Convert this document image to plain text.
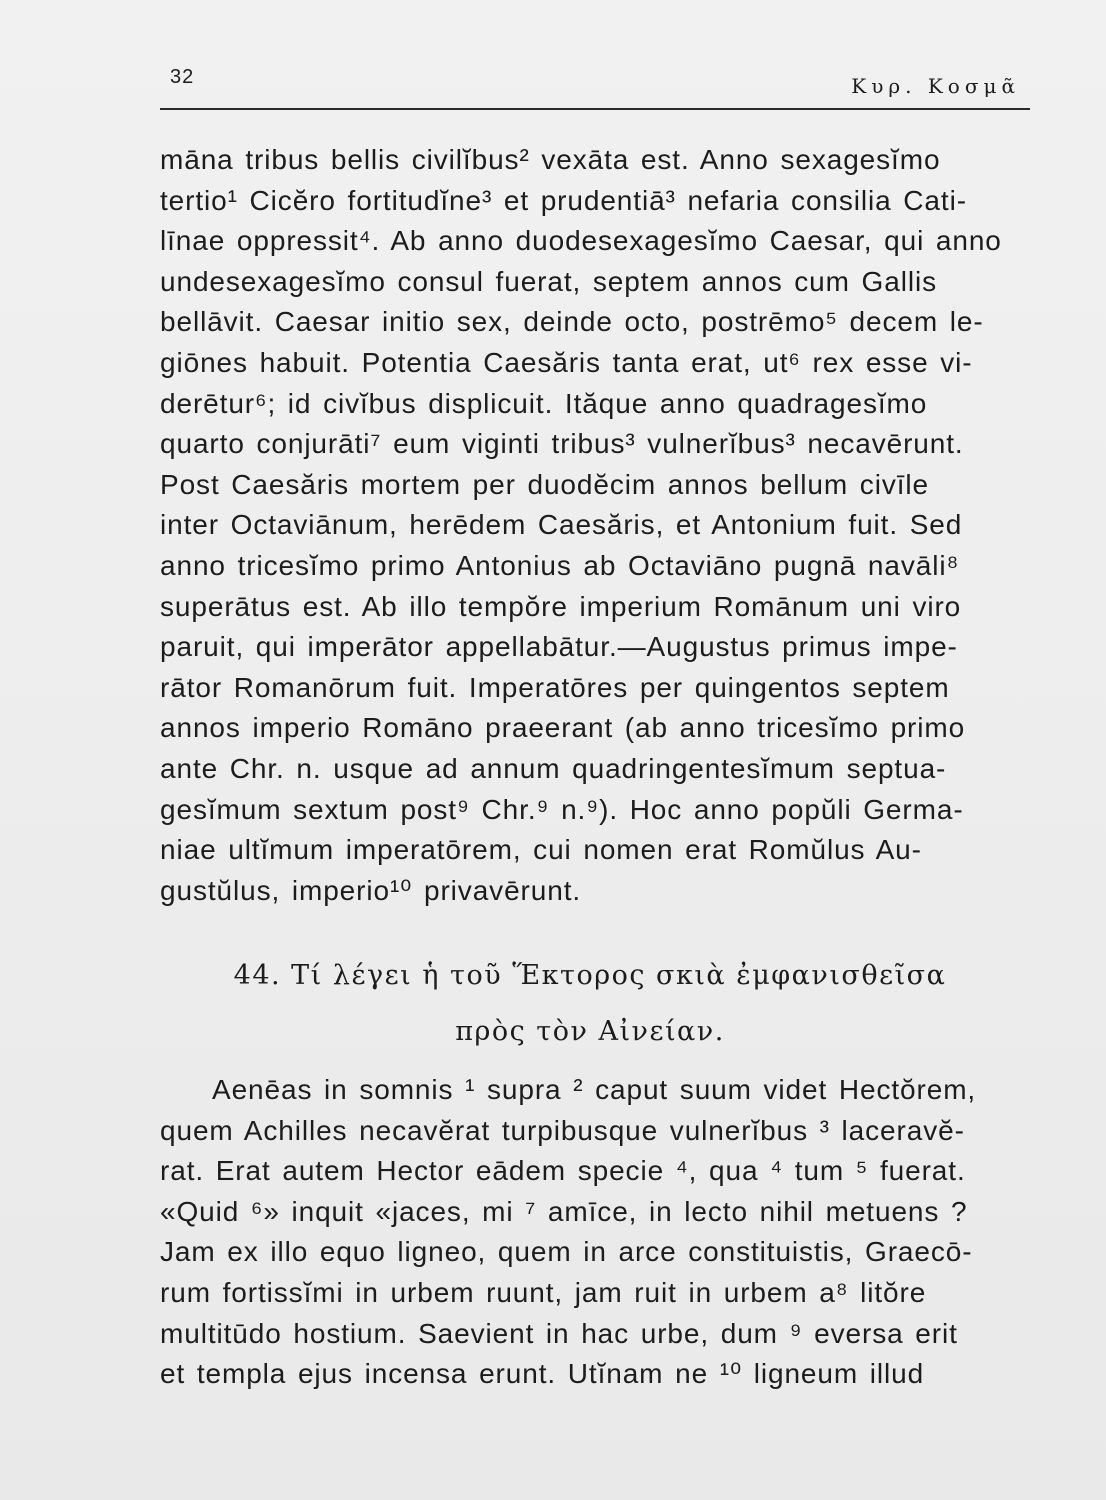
32	Κυρ. Κοσμᾶ
māna tribus bellis civilĭbus² vexāta est. Anno sexagesĭmo
tertio¹ Cicĕro fortitudĭne³ et prudentiā³ nefaria consilia Cati-
līnae oppressit⁴. Ab anno duodesexagesĭmo Caesar, qui anno
undesexagesĭmo consul fuerat, septem annos cum Gallis
bellāvit. Caesar initio sex, deinde octo, postrēmo⁵ decem le-
giōnes habuit. Potentia Caesăris tanta erat, ut⁶ rex esse vi-
derētur⁶; id civĭbus displicuit. Ităque anno quadragesĭmo
quarto conjurāti⁷ eum viginti tribus³ vulnerĭbus³ necavērunt.
Post Caesăris mortem per duodĕcim annos bellum civīle
inter Octaviānum, herēdem Caesăris, et Antonium fuit. Sed
anno tricesĭmo primo Antonius ab Octaviāno pugnā navāli⁸
superātus est. Ab illo tempŏre imperium Romānum uni viro
paruit, qui imperātor appellabātur.—Augustus primus impe-
rātor Romanōrum fuit. Imperatōres per quingentos septem
annos imperio Romāno praeerant (ab anno tricesĭmo primo
ante Chr. n. usque ad annum quadringentesĭmum septua-
gesĭmum sextum post⁹ Chr.⁹ n.⁹). Hoc anno popŭli Germa-
niae ultĭmum imperatōrem, cui nomen erat Romŭlus Au-
gustŭlus, imperio¹⁰ privavērunt.
44. Τί λέγει ἡ τοῦ Ἕκτορος σκιὰ ἐμφανισθεῖσα
πρὸς τὸν Αἰνείαν.
Aenēas in somnis ¹ supra ² caput suum videt Hectŏrem,
quem Achilles necavĕrat turpibusque vulnerĭbus ³ laceravĕ-
rat. Erat autem Hector eādem specie ⁴, qua ⁴ tum ⁵ fuerat.
«Quid ⁶» inquit «jaces, mi ⁷ amīce, in lecto nihil metuens ?
Jam ex illo equo ligneo, quem in arce constituistis, Graecō-
rum fortissĭmi in urbem ruunt, jam ruit in urbem a⁸ litŏre
multitūdo hostium. Saevient in hac urbe, dum ⁹ eversa erit
et templa ejus incensa erunt. Utĭnam ne ¹⁰ ligneum illud
